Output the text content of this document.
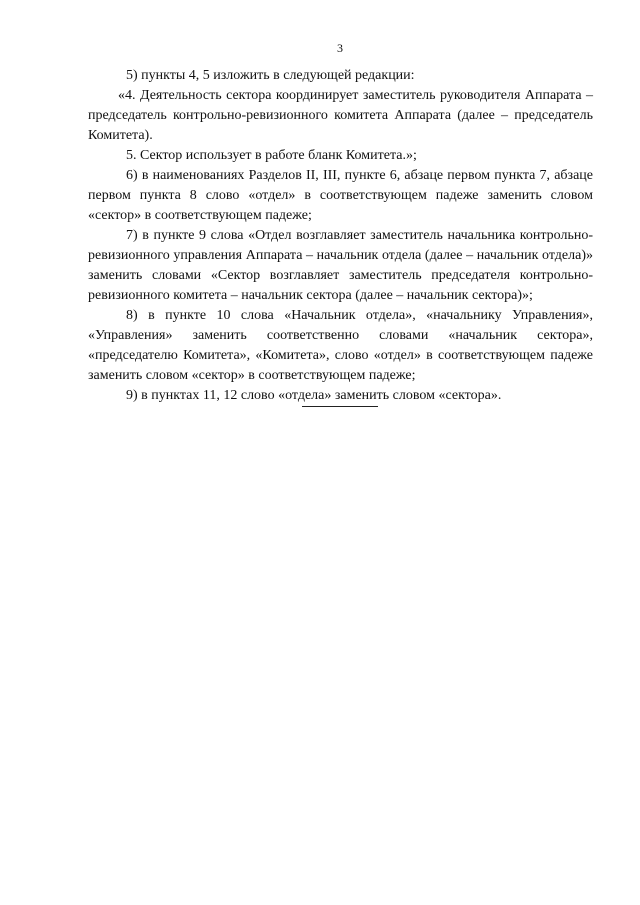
3

5) пункты 4, 5 изложить в следующей редакции:

«4. Деятельность сектора координирует заместитель руководителя Аппарата – председатель контрольно-ревизионного комитета Аппарата (далее – председатель Комитета).

5. Сектор использует в работе бланк Комитета.»;

6) в наименованиях Разделов II, III, пункте 6, абзаце первом пункта 7, абзаце первом пункта 8 слово «отдел» в соответствующем падеже заменить словом «сектор» в соответствующем падеже;

7) в пункте 9 слова «Отдел возглавляет заместитель начальника контрольно-ревизионного управления Аппарата – начальник отдела (далее – начальник отдела)» заменить словами «Сектор возглавляет заместитель председателя контрольно-ревизионного комитета – начальник сектора (далее – начальник сектора)»;

8) в пункте 10 слова «Начальник отдела», «начальнику Управления», «Управления» заменить соответственно словами «начальник сектора», «председателю Комитета», «Комитета», слово «отдел» в соответствующем падеже заменить словом «сектор» в соответствующем падеже;

9) в пунктах 11, 12 слово «отдела» заменить словом «сектора».
